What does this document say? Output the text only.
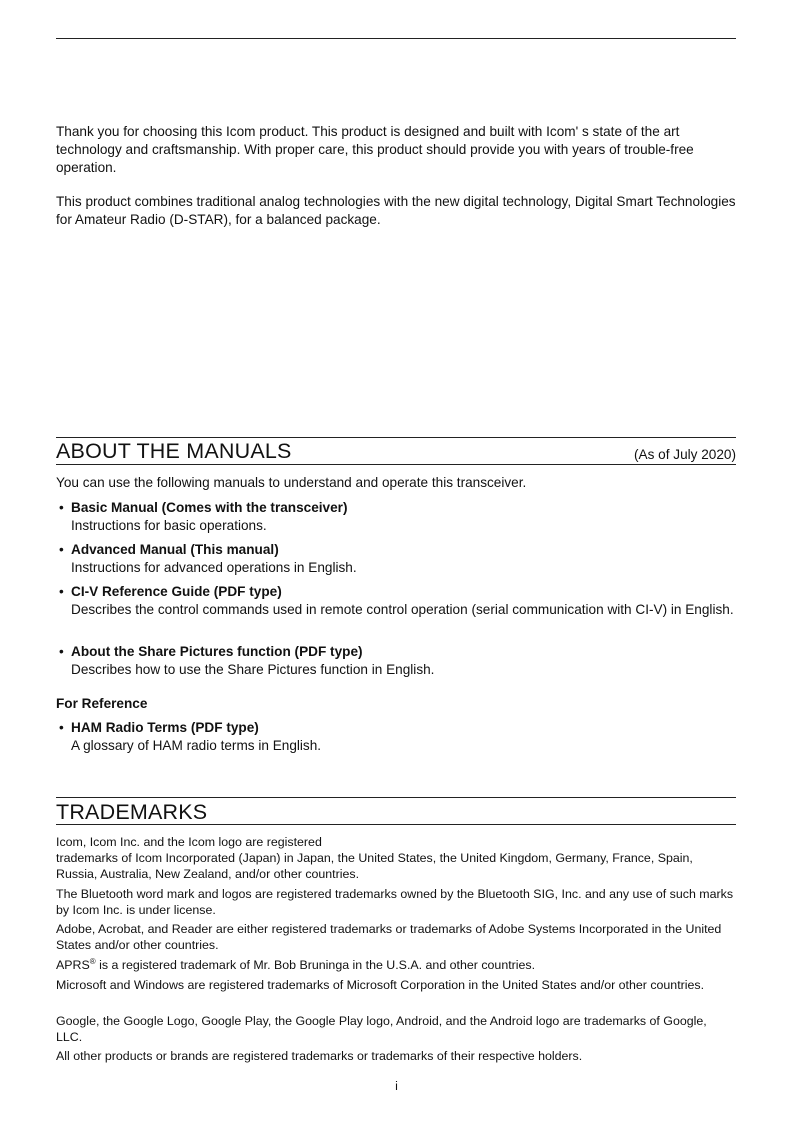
Thank you for choosing this Icom product. This product is designed and built with Icom' s state of the art technology and craftsmanship. With proper care, this product should provide you with years of trouble-free operation.

This product combines traditional analog technologies with the new digital technology, Digital Smart Technologies for Amateur Radio (D-STAR), for a balanced package.

ABOUT THE MANUALS	(As of July 2020)

You can use the following manuals to understand and operate this transceiver.

• Basic Manual (Comes with the transceiver)
Instructions for basic operations.
• Advanced Manual (This manual)
Instructions for advanced operations in English.
• CI-V Reference Guide (PDF type)
Describes the control commands used in remote control operation (serial communication with CI-V) in English.
• About the Share Pictures function (PDF type)
Describes how to use the Share Pictures function in English.

For Reference

• HAM Radio Terms (PDF type)
A glossary of HAM radio terms in English.
TRADEMARKS

Icom, Icom Inc. and the Icom logo are registered

trademarks of Icom Incorporated (Japan) in Japan, the United States, the United Kingdom, Germany, France, Spain, Russia, Australia, New Zealand, and/or other countries.

The Bluetooth word mark and logos are registered trademarks owned by the Bluetooth SIG, Inc. and any use of such marks by Icom Inc. is under license.

Adobe, Acrobat, and Reader are either registered trademarks or trademarks of Adobe Systems Incorporated in the United States and/or other countries.

APRS® is a registered trademark of Mr. Bob Bruninga in the U.S.A. and other countries.

Microsoft and Windows are registered trademarks of Microsoft Corporation in the United States and/or other countries.

Google, the Google Logo, Google Play, the Google Play logo, Android, and the Android logo are trademarks of Google, LLC.

All other products or brands are registered trademarks or trademarks of their respective holders.

i
